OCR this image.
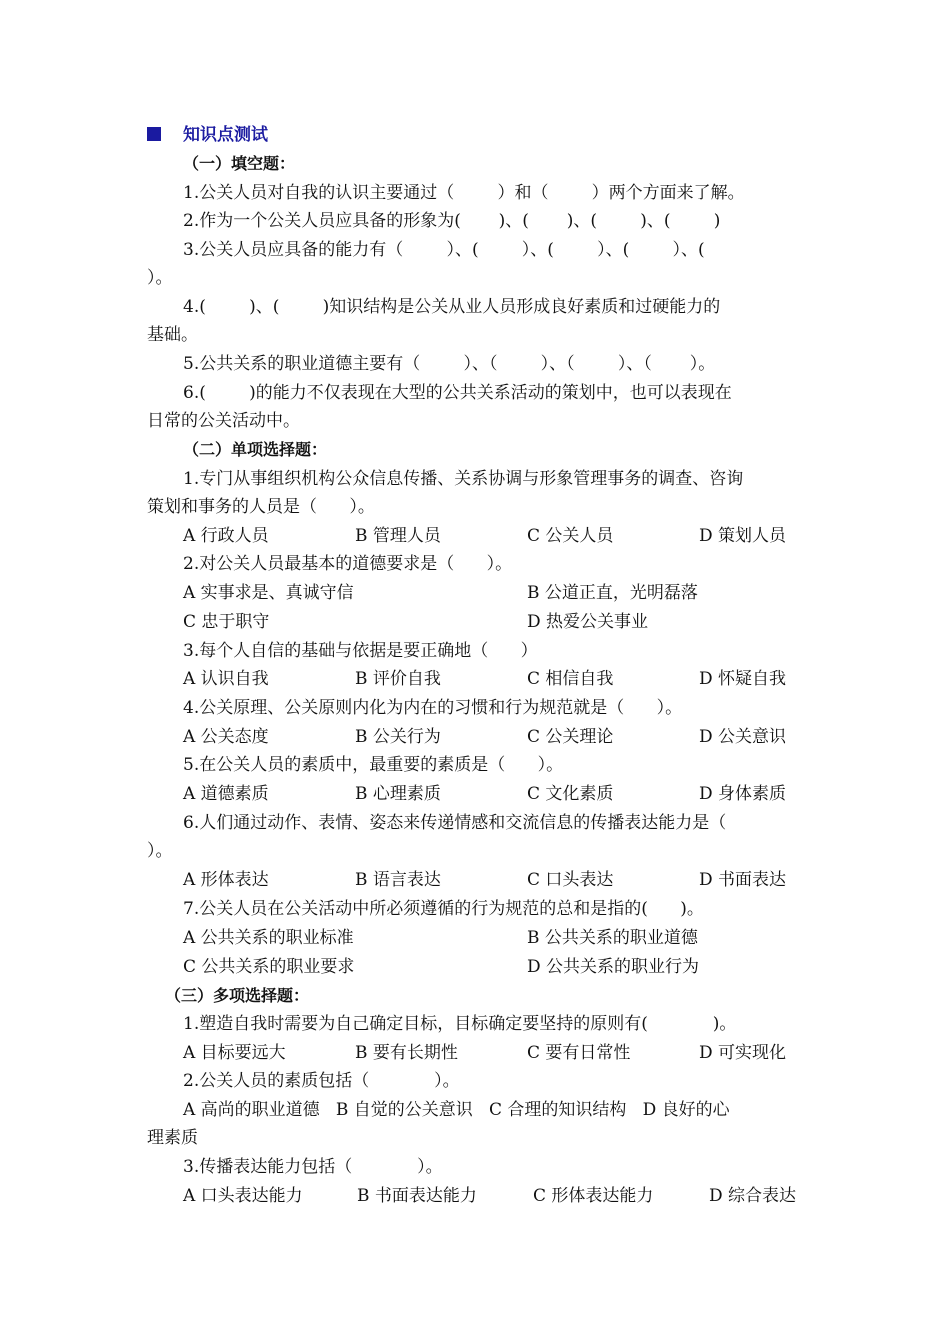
知识点测试
（一）填空题：
1.公关人员对自我的认识主要通过（        ）和（        ）两个方面来了解。
2.作为一个公关人员应具备的形象为(       )、(       )、(        )、(        )
3.公关人员应具备的能力有（        ）、(        ）、(        ）、(        ）、(
）。
4.(        )、(        )知识结构是公关从业人员形成良好素质和过硬能力的
基础。
5.公共关系的职业道德主要有（        ）、（        ）、（        ）、（       ）。
6.(        )的能力不仅表现在大型的公共关系活动的策划中，也可以表现在
日常的公关活动中。
（二）单项选择题：
1.专门从事组织机构公众信息传播、关系协调与形象管理事务的调查、咨询
策划和事务的人员是（      ）。
A 行政人员	B 管理人员	C 公关人员	D 策划人员
2.对公关人员最基本的道德要求是（      ）。
A 实事求是、真诚守信	B 公道正直，光明磊落
C 忠于职守	D 热爱公关事业
3.每个人自信的基础与依据是要正确地（      ）
A 认识自我	B 评价自我	C 相信自我	D 怀疑自我
4.公关原理、公关原则内化为内在的习惯和行为规范就是（      ）。
A 公关态度	B 公关行为	C 公关理论	D 公关意识
5.在公关人员的素质中，最重要的素质是（      ）。
A 道德素质	B 心理素质	C 文化素质	D 身体素质
6.人们通过动作、表情、姿态来传递情感和交流信息的传播表达能力是（
）。
A 形体表达	B 语言表达	C 口头表达	D 书面表达
7.公关人员在公关活动中所必须遵循的行为规范的总和是指的(      )。
A 公共关系的职业标准	B 公共关系的职业道德
C 公共关系的职业要求	D 公共关系的职业行为
（三）多项选择题：
1.塑造自我时需要为自己确定目标，目标确定要坚持的原则有(            )。
A 目标要远大	B 要有长期性	C 要有日常性	D 可实现化
2.公关人员的素质包括（            ）。
A 高尚的职业道德   B 自觉的公关意识   C 合理的知识结构   D 良好的心
理素质
3.传播表达能力包括（            ）。
A 口头表达能力	B 书面表达能力	C 形体表达能力	D 综合表达
